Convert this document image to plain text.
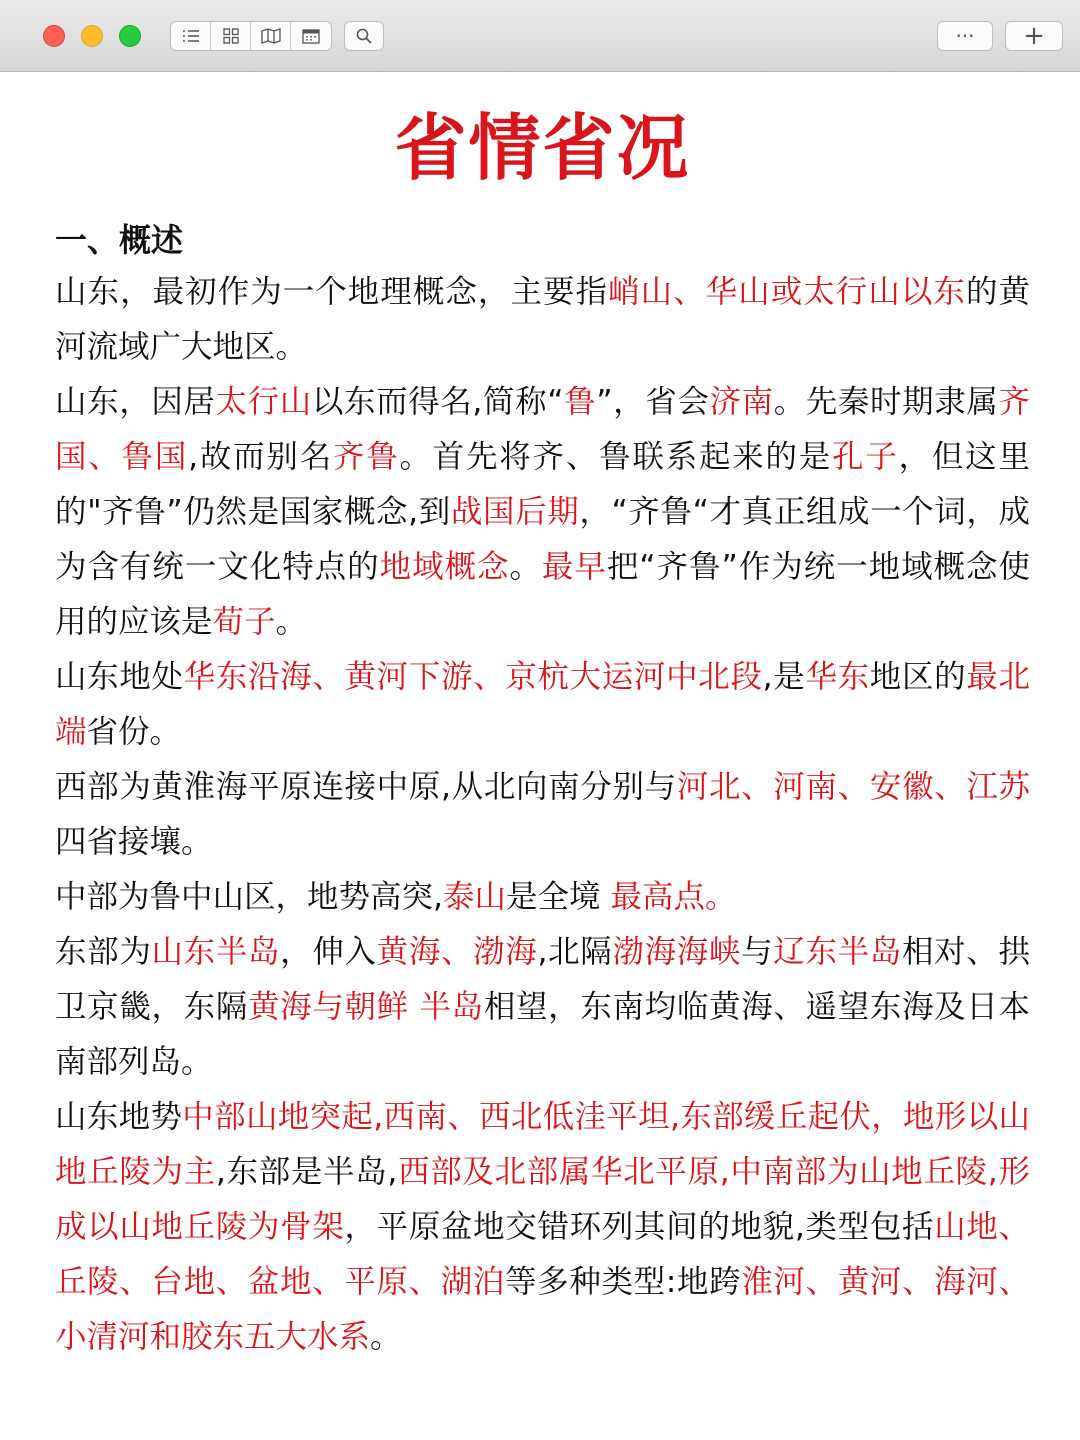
··· +
省情省况
一、概述
山东，最初作为一个地理概念，主要指峭山、华山或太行山以东的黄河流域广大地区。
山东，因居太行山以东而得名,简称“鲁”，省会济南。先秦时期隶属齐国、鲁国,故而别名齐鲁。首先将齐、鲁联系起来的是孔子，但这里的"齐鲁”仍然是国家概念,到战国后期，“齐鲁“才真正组成一个词，成为含有统一文化特点的地域概念。最早把“齐鲁”作为统一地域概念使用的应该是荀子。
山东地处华东沿海、黄河下游、京杭大运河中北段,是华东地区的最北端省份。
西部为黄淮海平原连接中原,从北向南分别与河北、河南、安徽、江苏四省接壤。
中部为鲁中山区，地势高突,泰山是全境 最高点。
东部为山东半岛，伸入黄海、渤海,北隔渤海海峡与辽东半岛相对、拱卫京畿，东隔黄海与朝鲜 半岛相望，东南均临黄海、遥望东海及日本南部列岛。
山东地势中部山地突起,西南、西北低洼平坦,东部缓丘起伏，地形以山地丘陵为主,东部是半岛,西部及北部属华北平原,中南部为山地丘陵,形成以山地丘陵为骨架，平原盆地交错环列其间的地貌,类型包括山地、丘陵、台地、盆地、平原、湖泊等多种类型:地跨淮河、黄河、海河、小清河和胶东五大水系。
